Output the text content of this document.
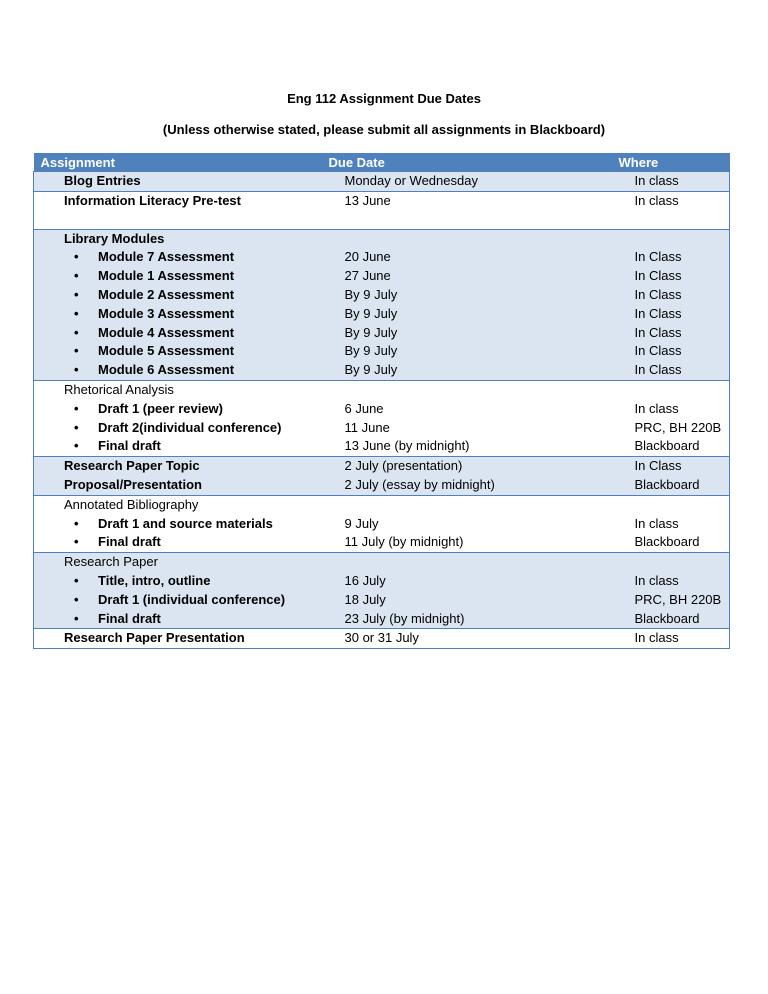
Eng 112 Assignment Due Dates
(Unless otherwise stated, please submit all assignments in Blackboard)
Assignment	Due Date	Where
Blog Entries	Monday or Wednesday	In class
Information Literacy Pre-test	13 June	In class

Library Modules		
• Module 7 Assessment	20 June	In Class
• Module 1 Assessment	27 June	In Class
• Module 2 Assessment	By 9 July	In Class
• Module 3 Assessment	By 9 July	In Class
• Module 4 Assessment	By 9 July	In Class
• Module 5 Assessment	By 9 July	In Class
• Module 6 Assessment	By 9 July	In Class
Rhetorical Analysis		
• Draft 1 (peer review)	6 June	In class
• Draft 2(individual conference)	11 June	PRC, BH 220B
• Final draft	13 June (by midnight)	Blackboard
Research Paper Topic	2 July (presentation)	In Class
Proposal/Presentation	2 July (essay by midnight)	Blackboard
Annotated Bibliography		
• Draft 1 and source materials	9 July	In class
• Final draft	11 July (by midnight)	Blackboard
Research Paper		
• Title, intro, outline	16 July	In class
• Draft 1 (individual conference)	18 July	PRC, BH 220B
• Final draft	23 July (by midnight)	Blackboard
Research Paper Presentation	30 or 31 July	In class
